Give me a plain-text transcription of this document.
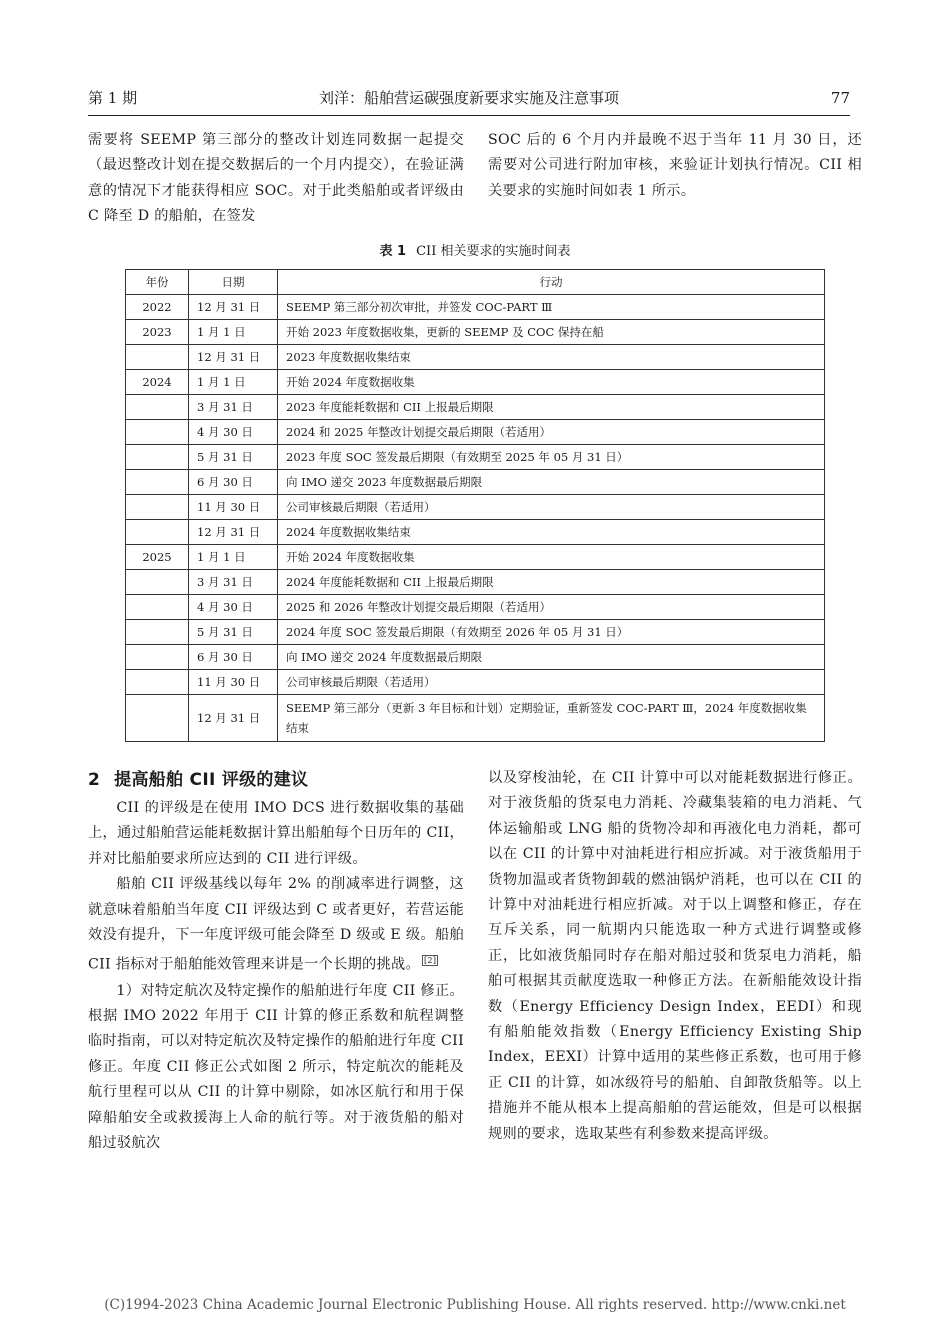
第 1 期	刘洋：船舶营运碳强度新要求实施及注意事项	77

需要将 SEEMP 第三部分的整改计划连同数据一起提交（最迟整改计划在提交数据后的一个月内提交），在验证满意的情况下才能获得相应 SOC。对于此类船舶或者评级由 C 降至 D 的船舶，在签发

SOC 后的 6 个月内并最晚不迟于当年 11 月 30 日，还需要对公司进行附加审核，来验证计划执行情况。CII 相关要求的实施时间如表 1 所示。

表 1 CII 相关要求的实施时间表
年份	日期	行动
2022	12 月 31 日	SEEMP 第三部分初次审批，并签发 COC-PART Ⅲ
2023	1 月 1 日	开始 2023 年度数据收集，更新的 SEEMP 及 COC 保持在船
	12 月 31 日	2023 年度数据收集结束
2024	1 月 1 日	开始 2024 年度数据收集
	3 月 31 日	2023 年度能耗数据和 CII 上报最后期限
	4 月 30 日	2024 和 2025 年整改计划提交最后期限（若适用）
	5 月 31 日	2023 年度 SOC 签发最后期限（有效期至 2025 年 05 月 31 日）
	6 月 30 日	向 IMO 递交 2023 年度数据最后期限
	11 月 30 日	公司审核最后期限（若适用）
	12 月 31 日	2024 年度数据收集结束
2025	1 月 1 日	开始 2024 年度数据收集
	3 月 31 日	2024 年度能耗数据和 CII 上报最后期限
	4 月 30 日	2025 和 2026 年整改计划提交最后期限（若适用）
	5 月 31 日	2024 年度 SOC 签发最后期限（有效期至 2026 年 05 月 31 日）
	6 月 30 日	向 IMO 递交 2024 年度数据最后期限
	11 月 30 日	公司审核最后期限（若适用）
	12 月 31 日	SEEMP 第三部分（更新 3 年目标和计划）定期验证，重新签发 COC-PART Ⅲ，2024 年度数据收集结束
2 提高船舶 CII 评级的建议

CII 的评级是在使用 IMO DCS 进行数据收集的基础上，通过船舶营运能耗数据计算出船舶每个日历年的 CII，并对比船舶要求所应达到的 CII 进行评级。

船舶 CII 评级基线以每年 2% 的削减率进行调整，这就意味着船舶当年度 CII 评级达到 C 或者更好，若营运能效没有提升，下一年度评级可能会降至 D 级或 E 级。船舶 CII 指标对于船舶能效管理来讲是一个长期的挑战。 [2]

1）对特定航次及特定操作的船舶进行年度 CII 修正。根据 IMO 2022 年用于 CII 计算的修正系数和航程调整临时指南，可以对特定航次及特定操作的船舶进行年度 CII 修正。年度 CII 修正公式如图 2 所示，特定航次的能耗及航行里程可以从 CII 的计算中剔除，如冰区航行和用于保障船舶安全或救援海上人命的航行等。对于液货船的船对船过驳航次

以及穿梭油轮，在 CII 计算中可以对能耗数据进行修正。对于液货船的货泵电力消耗、冷藏集装箱的电力消耗、气体运输船或 LNG 船的货物冷却和再液化电力消耗，都可以在 CII 的计算中对油耗进行相应折减。对于液货船用于货物加温或者货物卸载的燃油锅炉消耗，也可以在 CII 的计算中对油耗进行相应折减。对于以上调整和修正，存在互斥关系，同一航期内只能选取一种方式进行调整或修正，比如液货船同时存在船对船过驳和货泵电力消耗，船舶可根据其贡献度选取一种修正方法。在新船能效设计指数（Energy Efficiency Design Index，EEDI）和现有船舶能效指数（Energy Efficiency Existing Ship Index，EEXI）计算中适用的某些修正系数，也可用于修正 CII 的计算，如冰级符号的船舶、自卸散货船等。以上措施并不能从根本上提高船舶的营运能效，但是可以根据规则的要求，选取某些有利参数来提高评级。

(C)1994-2023 China Academic Journal Electronic Publishing House. All rights reserved. http://www.cnki.net
